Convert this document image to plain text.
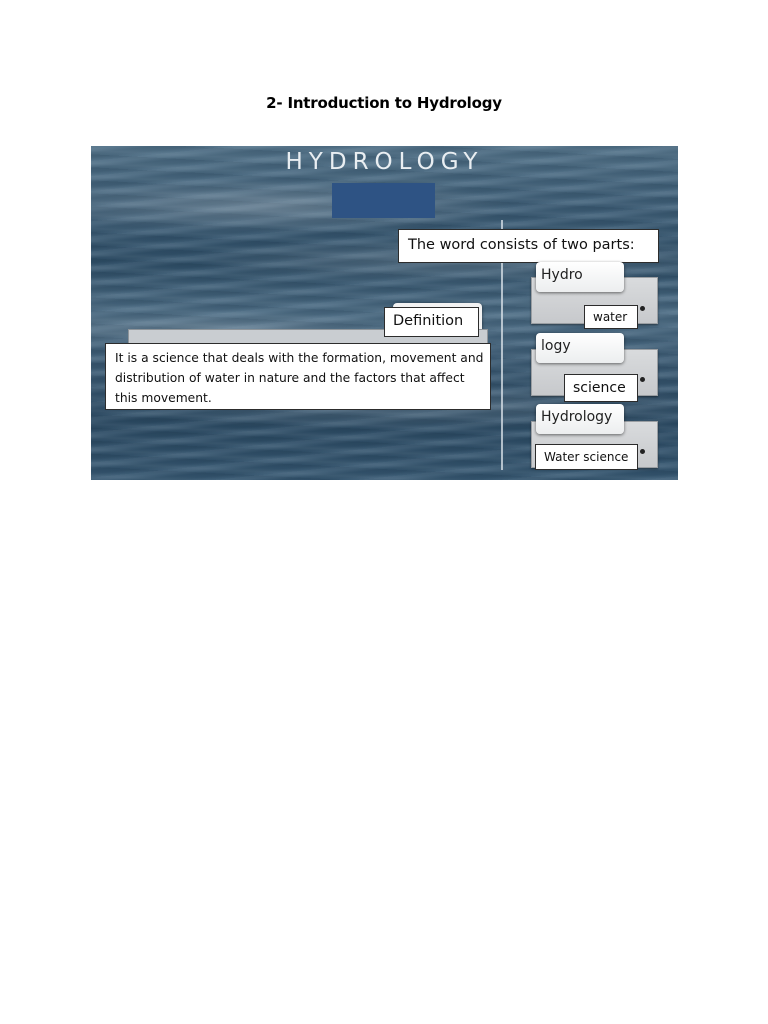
2- Introduction to Hydrology
HYDROLOGY
The word consists of two parts:
Definition
It is a science that deals with the formation, movement and distribution of water in nature and the factors that affect this movement.
Hydro
water
logy
science
Hydrology
Water science
